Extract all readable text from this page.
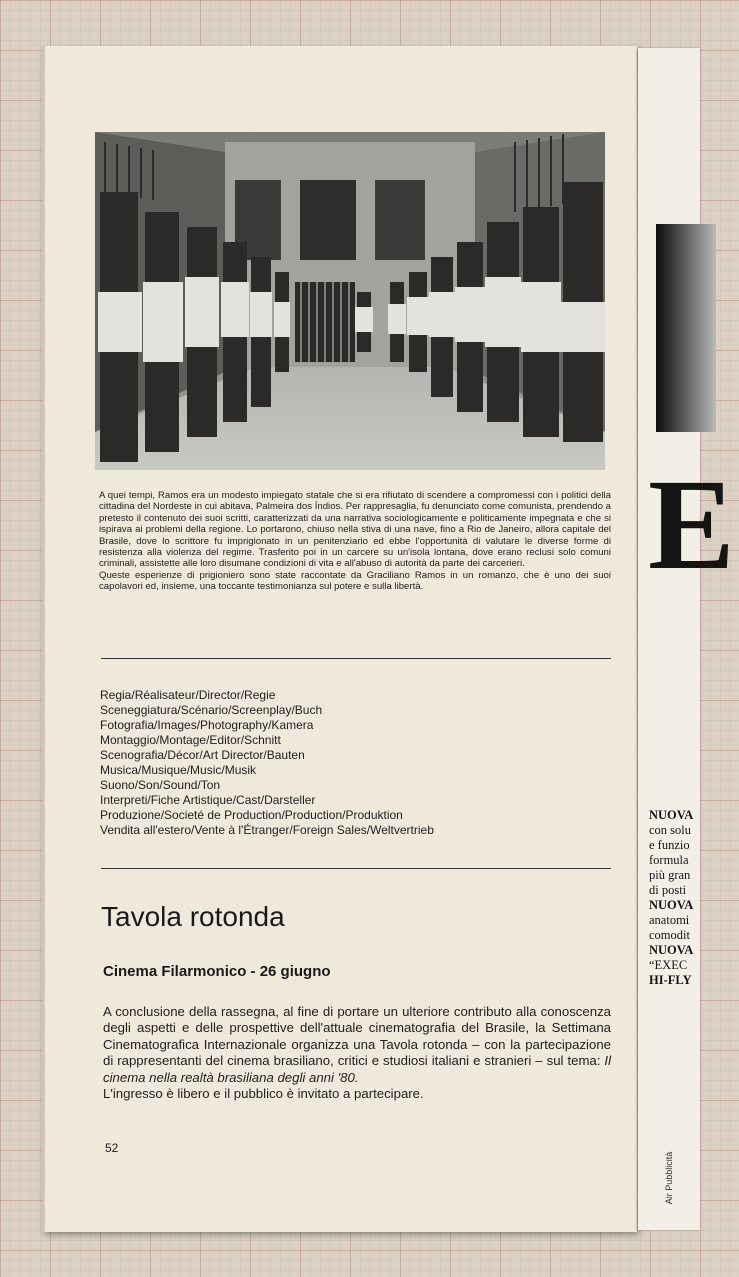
A quei tempi, Ramos era un modesto impiegato statale che si era rifiutato di scendere a compromessi con i politici della cittadina del Nordeste in cui abitava, Palmeira dos Índios. Per rappresaglia, fu denunciato come comunista, prendendo a pretesto il contenuto dei suoi scritti, caratterizzati da una narrativa sociologicamente e politicamente impegnata e che si ispirava ai problemi della regione. Lo portarono, chiuso nella stiva di una nave, fino a Rio de Janeiro, allora capitale del Brasile, dove lo scrittore fu imprigionato in un penitenziario ed ebbe l'opportunità di valutare le diverse forme di resistenza alla violenza del regime. Trasferito poi in un carcere su un'isola lontana, dove erano reclusi solo comuni criminali, assistette alle loro disumane condizioni di vita e all'abuso di autorità da parte dei carcerieri.

Queste esperienze di prigioniero sono state raccontate da Graciliano Ramos in un romanzo, che è uno dei suoi capolavori ed, insieme, una toccante testimonianza sul potere e sulla libertà.

Regia/Réalisateur/Director/Regie
Sceneggiatura/Scénario/Screenplay/Buch
Fotografia/Images/Photography/Kamera
Montaggio/Montage/Editor/Schnitt
Scenografia/Décor/Art Director/Bauten
Musica/Musique/Music/Musik
Suono/Son/Sound/Ton
Interpreti/Fiche Artistique/Cast/Darsteller
Produzione/Societé de Production/Production/Produktion
Vendita all'estero/Vente à l'Étranger/Foreign Sales/Weltvertrieb
Tavola rotonda
Cinema Filarmonico - 26 giugno

A conclusione della rassegna, al fine di portare un ulteriore contributo alla conoscenza degli aspetti e delle prospettive dell'attuale cinematografia del Brasile, la Settimana Cinematografica Internazionale organizza una Tavola rotonda – con la partecipazione di rappresentanti del cinema brasiliano, critici e studiosi italiani e stranieri – sul tema: Il cinema nella realtà brasiliana degli anni '80.

L'ingresso è libero e il pubblico è invitato a partecipare.

52
E
NUOVA
con solu
e funzio
formula
più gran
di posti
NUOVA
anatomi
comodit
NUOVA
“EXEC
HI-FLY
Air Pubblicità
